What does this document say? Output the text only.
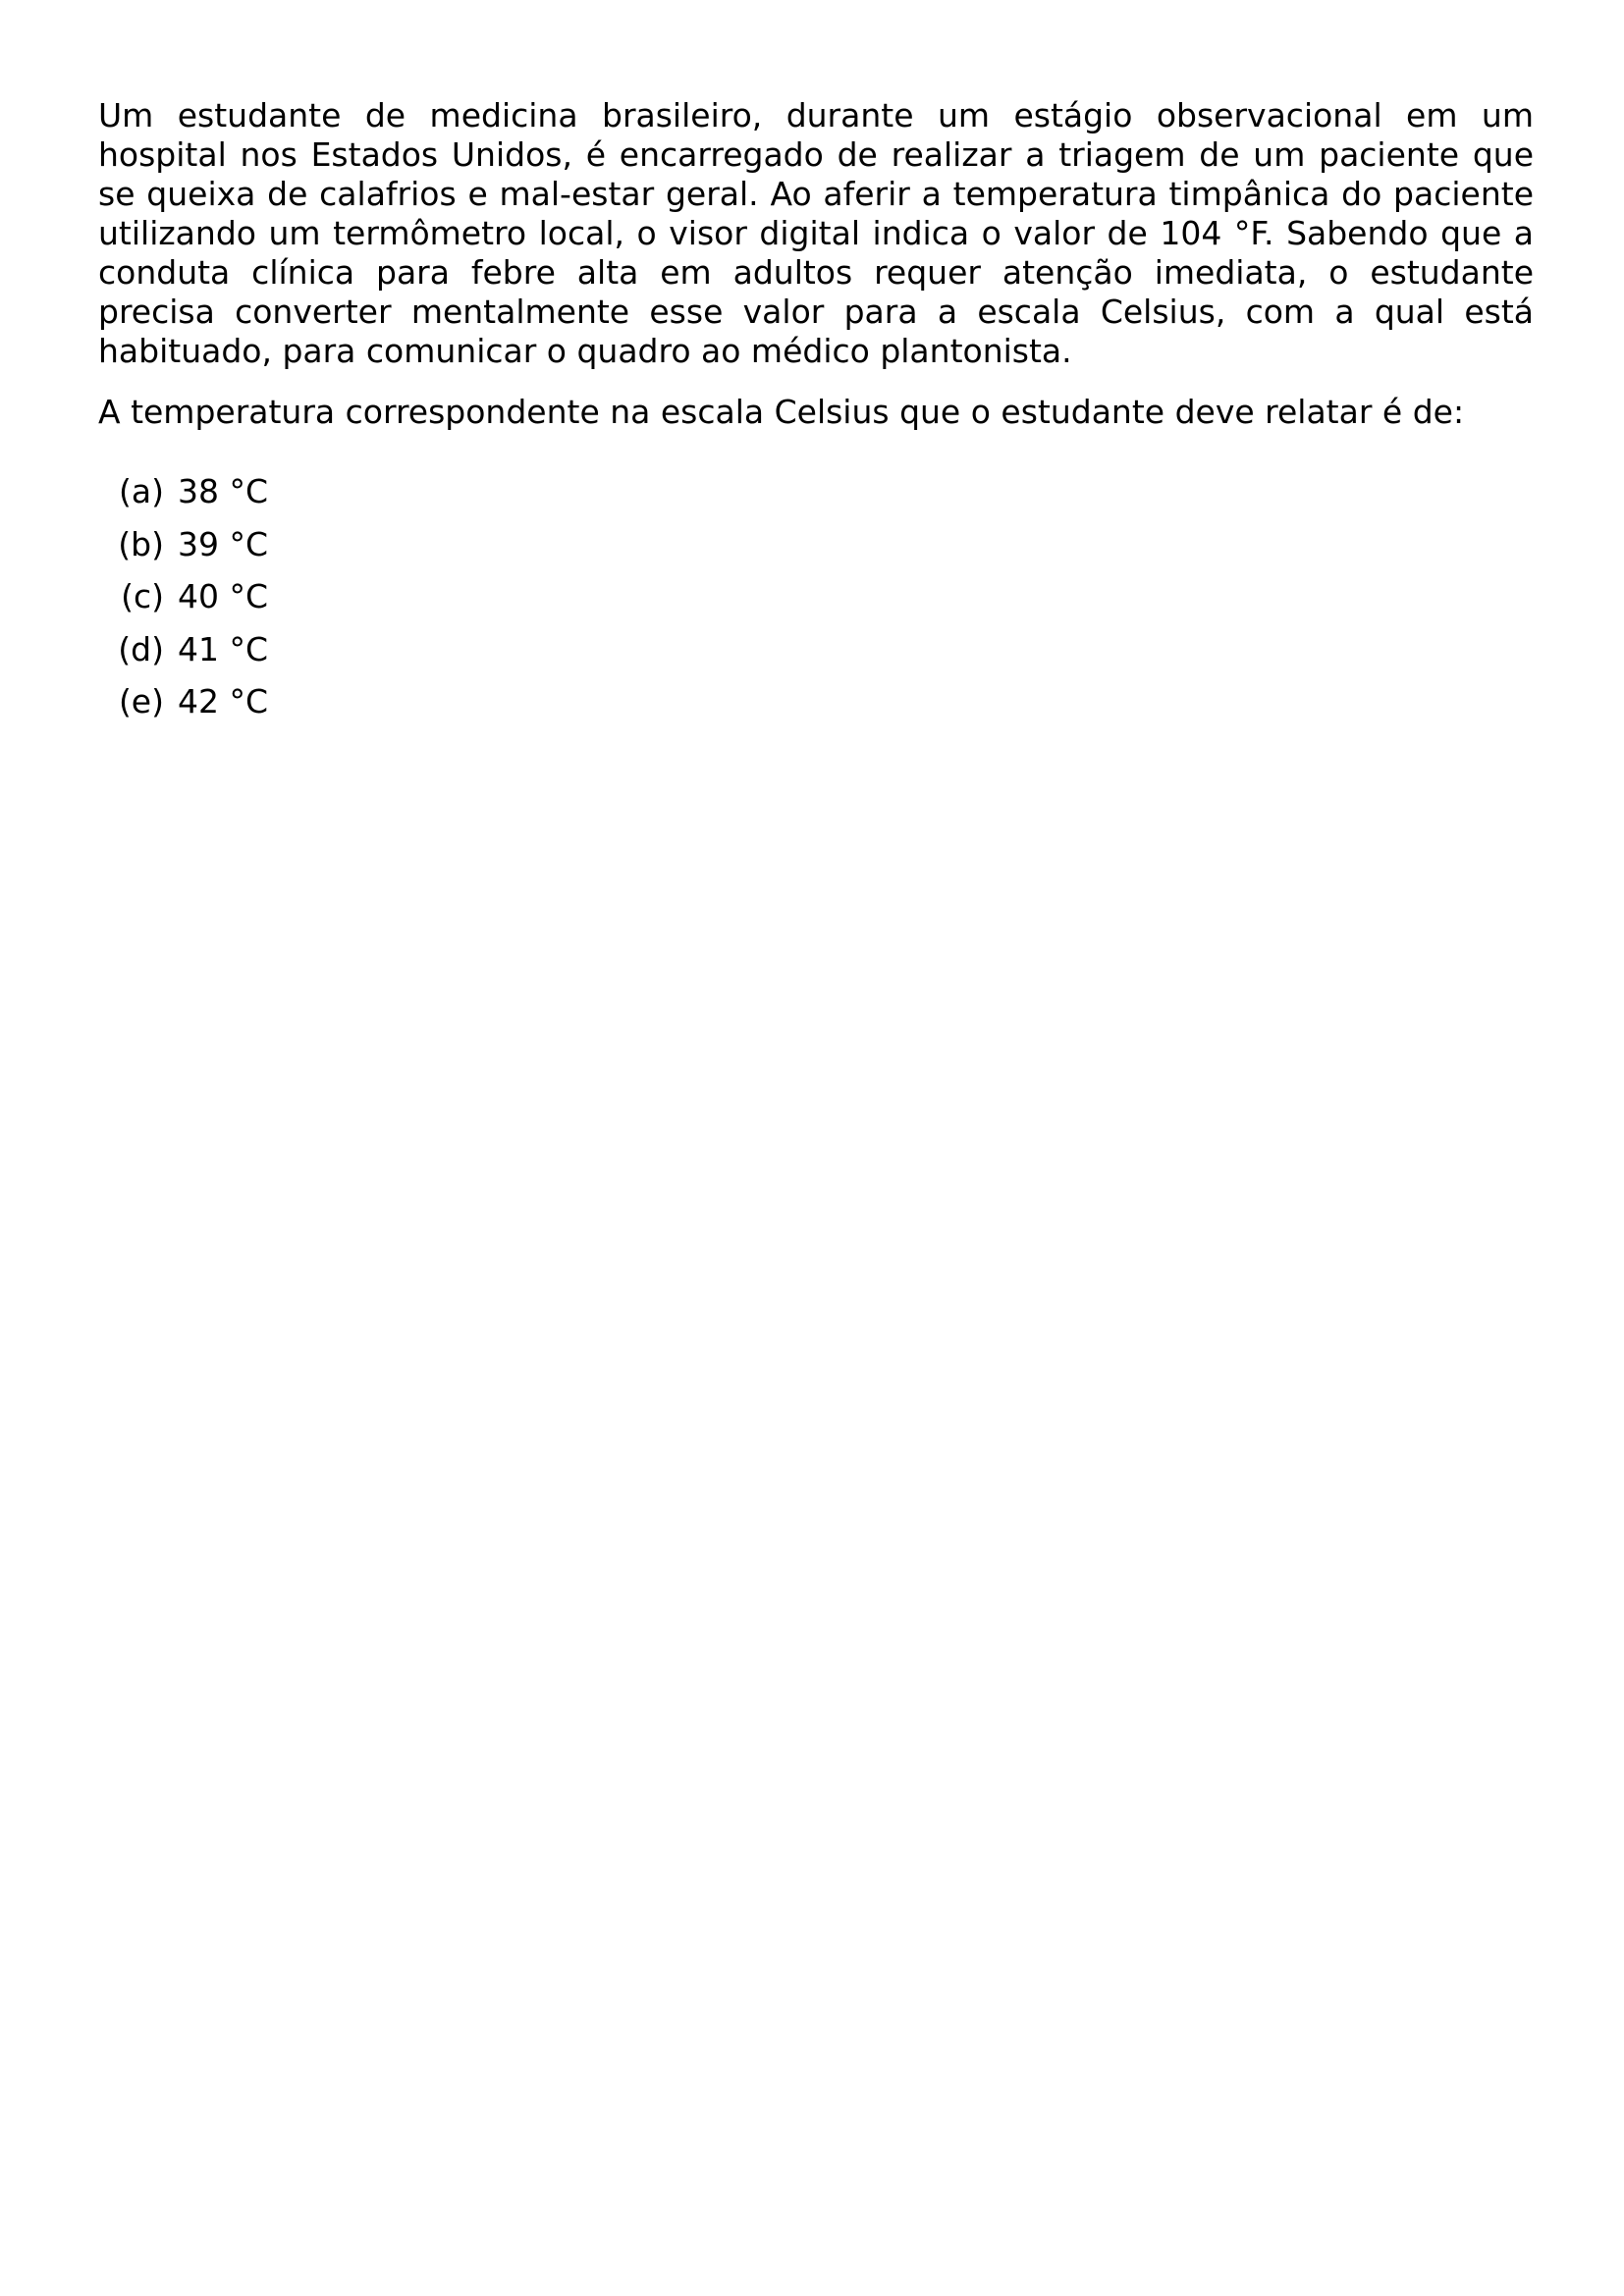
Um estudante de medicina brasileiro, durante um estágio observacional em um hospital nos Estados Unidos, é encarregado de realizar a triagem de um paciente que se queixa de calafrios e mal-estar geral. Ao aferir a temperatura timpânica do paciente utilizando um termômetro local, o visor digital indica o valor de 104 °F. Sabendo que a conduta clínica para febre alta em adultos requer atenção imediata, o estudante precisa converter mentalmente esse valor para a escala Celsius, com a qual está habituado, para comunicar o quadro ao médico plantonista.

A temperatura correspondente na escala Celsius que o estudante deve relatar é de:

(a) 38 °C
(b) 39 °C
(c) 40 °C
(d) 41 °C
(e) 42 °C
